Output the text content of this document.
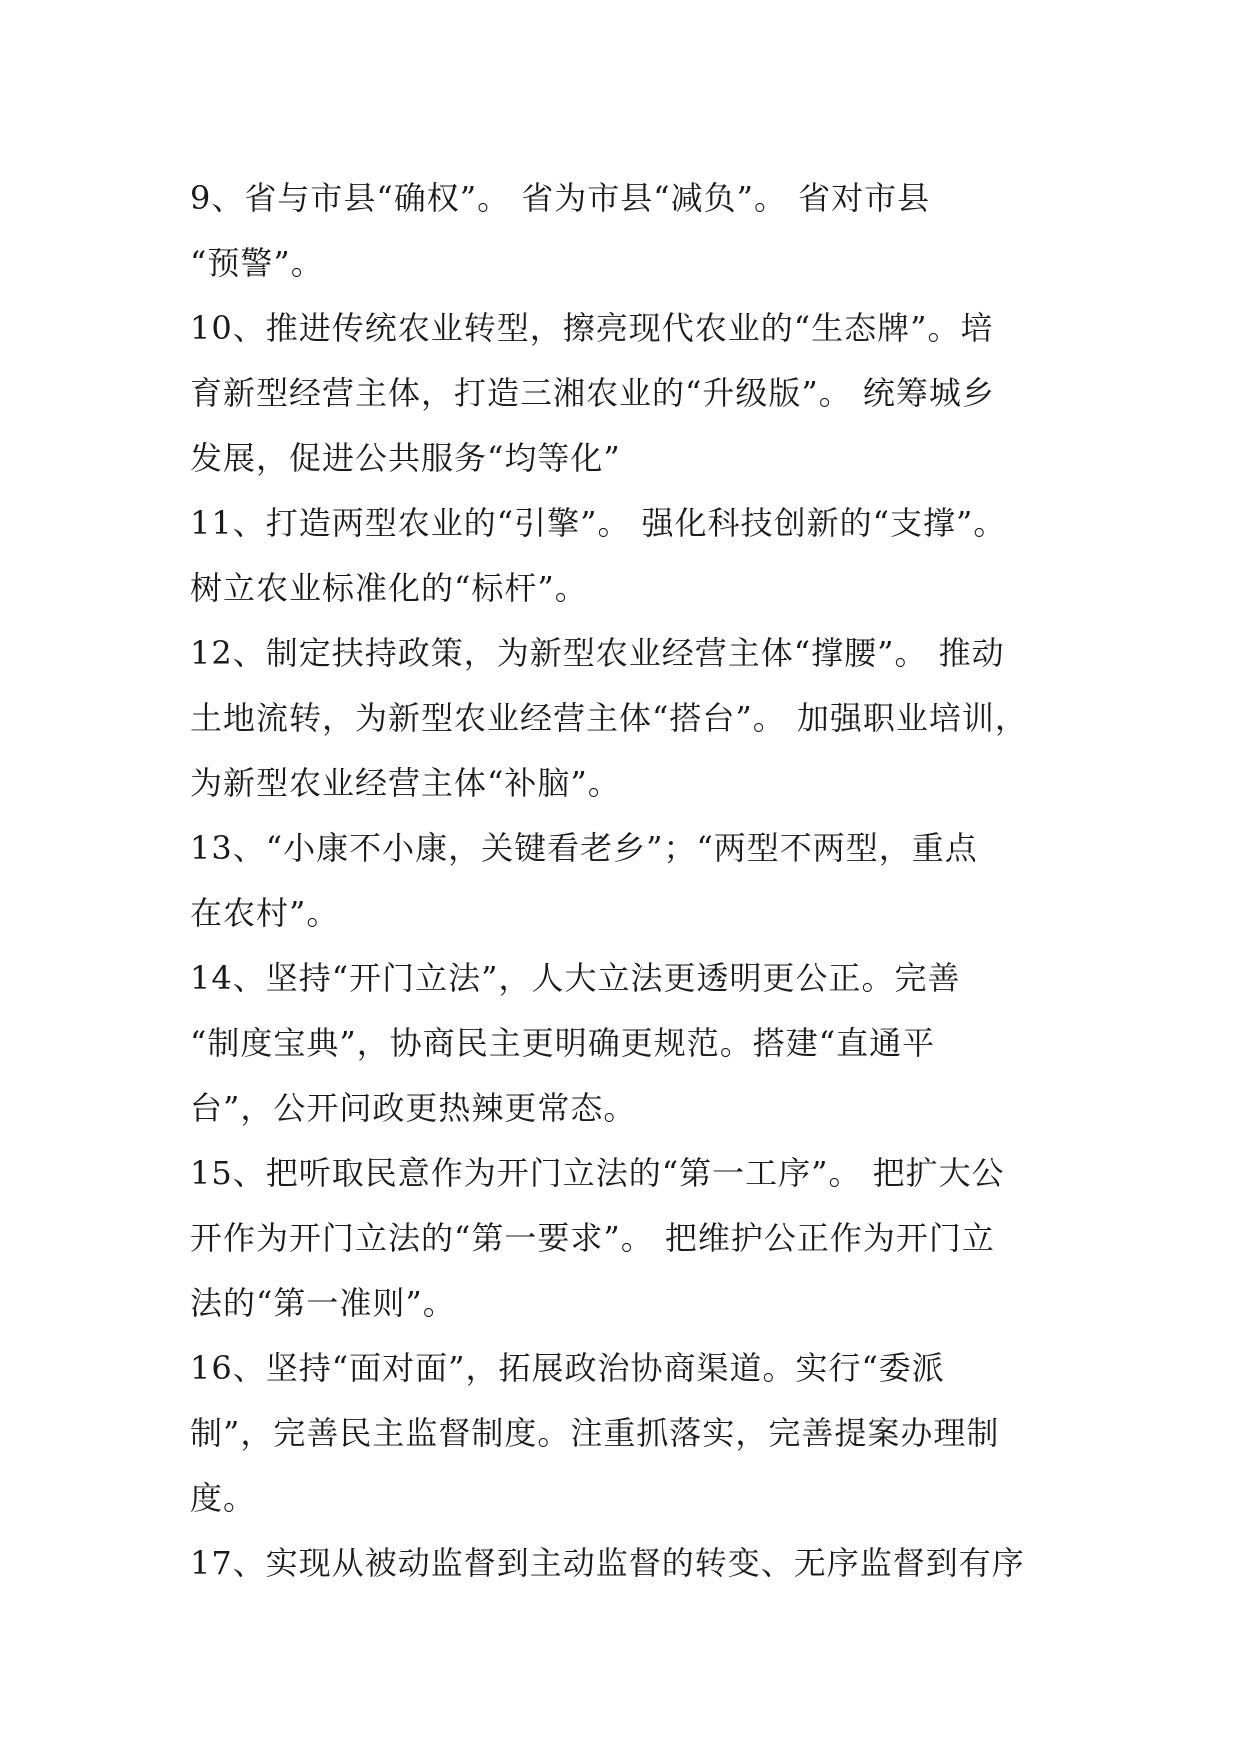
9、省与市县“确权”。 省为市县“减负”。 省对市县
“预警”。
10、推进传统农业转型，擦亮现代农业的“生态牌”。培
育新型经营主体，打造三湘农业的“升级版”。 统筹城乡
发展，促进公共服务“均等化”
11、打造两型农业的“引擎”。 强化科技创新的“支撑”。
树立农业标准化的“标杆”。
12、制定扶持政策，为新型农业经营主体“撑腰”。 推动
土地流转，为新型农业经营主体“搭台”。 加强职业培训，
为新型农业经营主体“补脑”。
13、“小康不小康，关键看老乡”；“两型不两型，重点
在农村”。
14、坚持“开门立法”，人大立法更透明更公正。完善
“制度宝典”，协商民主更明确更规范。搭建“直通平
台”，公开问政更热辣更常态。
15、把听取民意作为开门立法的“第一工序”。 把扩大公
开作为开门立法的“第一要求”。 把维护公正作为开门立
法的“第一准则”。
16、坚持“面对面”，拓展政治协商渠道。实行“委派
制”，完善民主监督制度。注重抓落实，完善提案办理制
度。
17、实现从被动监督到主动监督的转变、无序监督到有序
